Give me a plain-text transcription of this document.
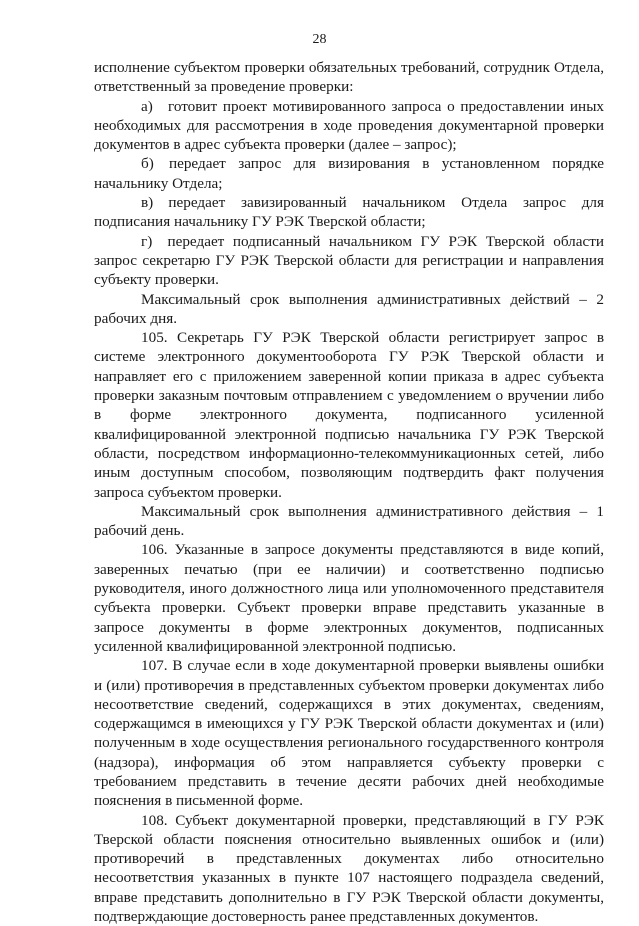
28

исполнение субъектом проверки обязательных требований, сотрудник Отдела, ответственный за проведение проверки:

а) готовит проект мотивированного запроса о предоставлении иных необходимых для рассмотрения в ходе проведения документарной проверки документов в адрес субъекта проверки (далее – запрос);

б) передает запрос для визирования в установленном порядке начальнику Отдела;

в) передает завизированный начальником Отдела запрос для подписания начальнику ГУ РЭК Тверской области;

г) передает подписанный начальником ГУ РЭК Тверской области запрос секретарю ГУ РЭК Тверской области для регистрации и направления субъекту проверки.

Максимальный срок выполнения административных действий – 2 рабочих дня.

105. Секретарь ГУ РЭК Тверской области регистрирует запрос в системе электронного документооборота ГУ РЭК Тверской области и направляет его с приложением заверенной копии приказа в адрес субъекта проверки заказным почтовым отправлением с уведомлением о вручении либо в форме электронного документа, подписанного усиленной квалифицированной электронной подписью начальника ГУ РЭК Тверской области, посредством информационно-телекоммуникационных сетей, либо иным доступным способом, позволяющим подтвердить факт получения запроса субъектом проверки.

Максимальный срок выполнения административного действия – 1 рабочий день.

106. Указанные в запросе документы представляются в виде копий, заверенных печатью (при ее наличии) и соответственно подписью руководителя, иного должностного лица или уполномоченного представителя субъекта проверки. Субъект проверки вправе представить указанные в запросе документы в форме электронных документов, подписанных усиленной квалифицированной электронной подписью.

107. В случае если в ходе документарной проверки выявлены ошибки и (или) противоречия в представленных субъектом проверки документах либо несоответствие сведений, содержащихся в этих документах, сведениям, содержащимся в имеющихся у ГУ РЭК Тверской области документах и (или) полученным в ходе осуществления регионального государственного контроля (надзора), информация об этом направляется субъекту проверки с требованием представить в течение десяти рабочих дней необходимые пояснения в письменной форме.

108. Субъект документарной проверки, представляющий в ГУ РЭК Тверской области пояснения относительно выявленных ошибок и (или) противоречий в представленных документах либо относительно несоответствия указанных в пункте 107 настоящего подраздела сведений, вправе представить дополнительно в ГУ РЭК Тверской области документы, подтверждающие достоверность ранее представленных документов.
